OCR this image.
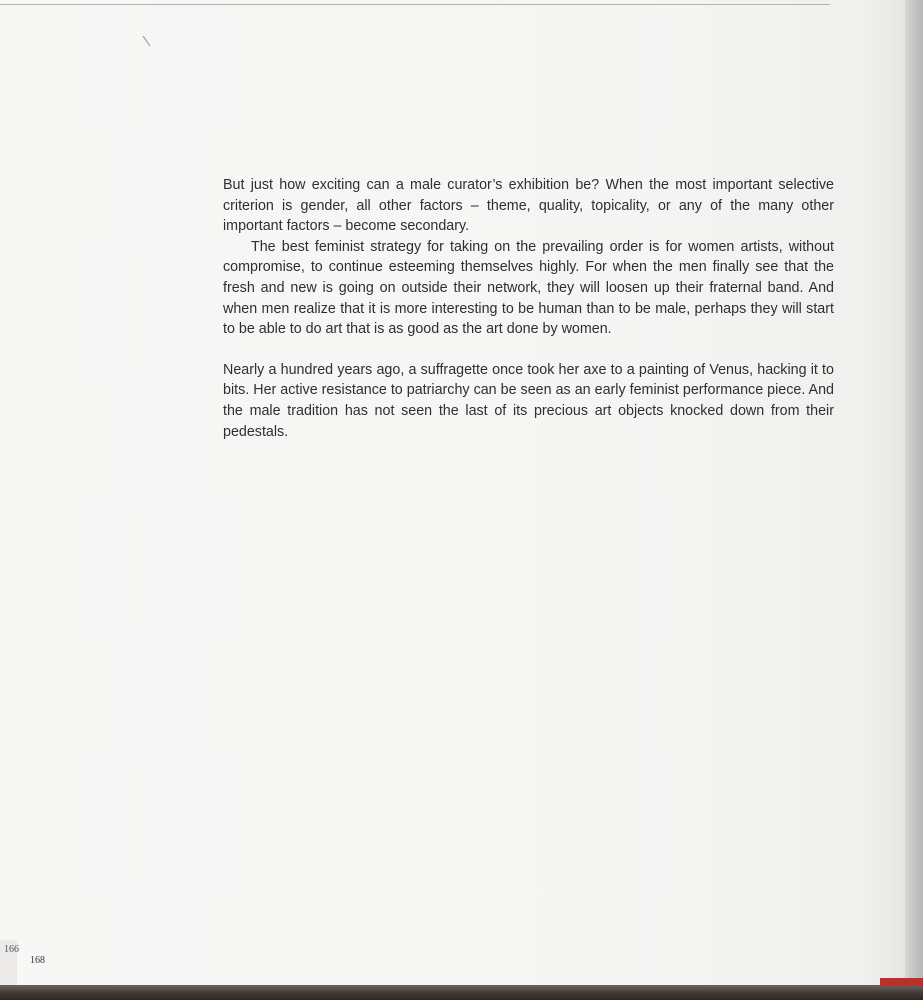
But just how exciting can a male curator’s exhibition be? When the most important selective criterion is gender, all other factors – theme, quality, topicality, or any of the many other important factors – become secondary.

The best feminist strategy for taking on the prevailing order is for women artists, without compromise, to continue esteeming themselves highly. For when the men finally see that the fresh and new is going on outside their network, they will loosen up their fraternal band. And when men realize that it is more interesting to be human than to be male, perhaps they will start to be able to do art that is as good as the art done by women.

Nearly a hundred years ago, a suffragette once took her axe to a painting of Venus, hacking it to bits. Her active resistance to patriarchy can be seen as an early feminist performance piece. And the male tradition has not seen the last of its precious art objects knocked down from their pedestals.

166
168
